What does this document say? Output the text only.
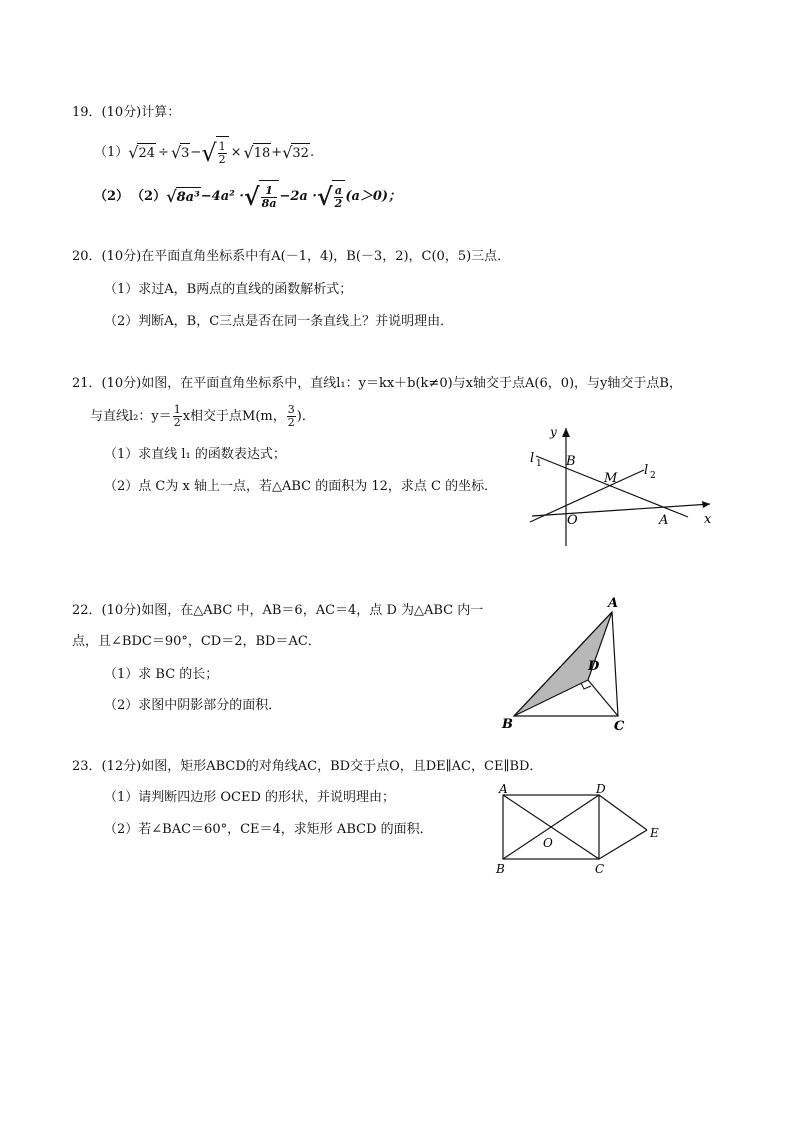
19．(10分)计算：
（1） √ 24 ÷ √ 3 − √ $\frac{1}{2}$ × √ 18 + √ 32 .
（2） （2） √ 8a³ −4a² · √ $\frac{1}{8a} -2a$ · √ $\frac{a}{2} (a>0)$；
20．(10分)在平面直角坐标系中有A(－1，4)，B(－3，2)，C(0，5)三点．
（1）求过A，B两点的直线的函数解析式；
（2）判断A，B，C三点是否在同一条直线上？并说明理由．
21．(10分)如图，在平面直角坐标系中，直线l₁：y＝kx＋b(k≠0)与x轴交于点A(6，0)，与y轴交于点B，
与直线l₂：$y= \frac{1}{2}$ x相交于点M(m， $\frac{3}{2}$ )．
（1）求直线 l₁ 的函数表达式；
（2）点 C为 x 轴上一点，若△ABC 的面积为 12，求点 C 的坐标．
y
x
l 1	l 2
B
M
O	A
22．(10分)如图，在△ABC 中，AB＝6，AC＝4，点 D 为△ABC 内一
点，且∠BDC＝90°，CD＝2，BD＝AC．
（1）求 BC 的长；
（2）求图中阴影部分的面积．
A
B	C
D
23．(12分)如图，矩形ABCD的对角线AC，BD交于点O，且DE∥AC，CE∥BD．
（1）请判断四边形 OCED 的形状，并说明理由；
（2）若∠BAC＝60°，CE＝4，求矩形 ABCD 的面积．
A	D
B	C
E
O
